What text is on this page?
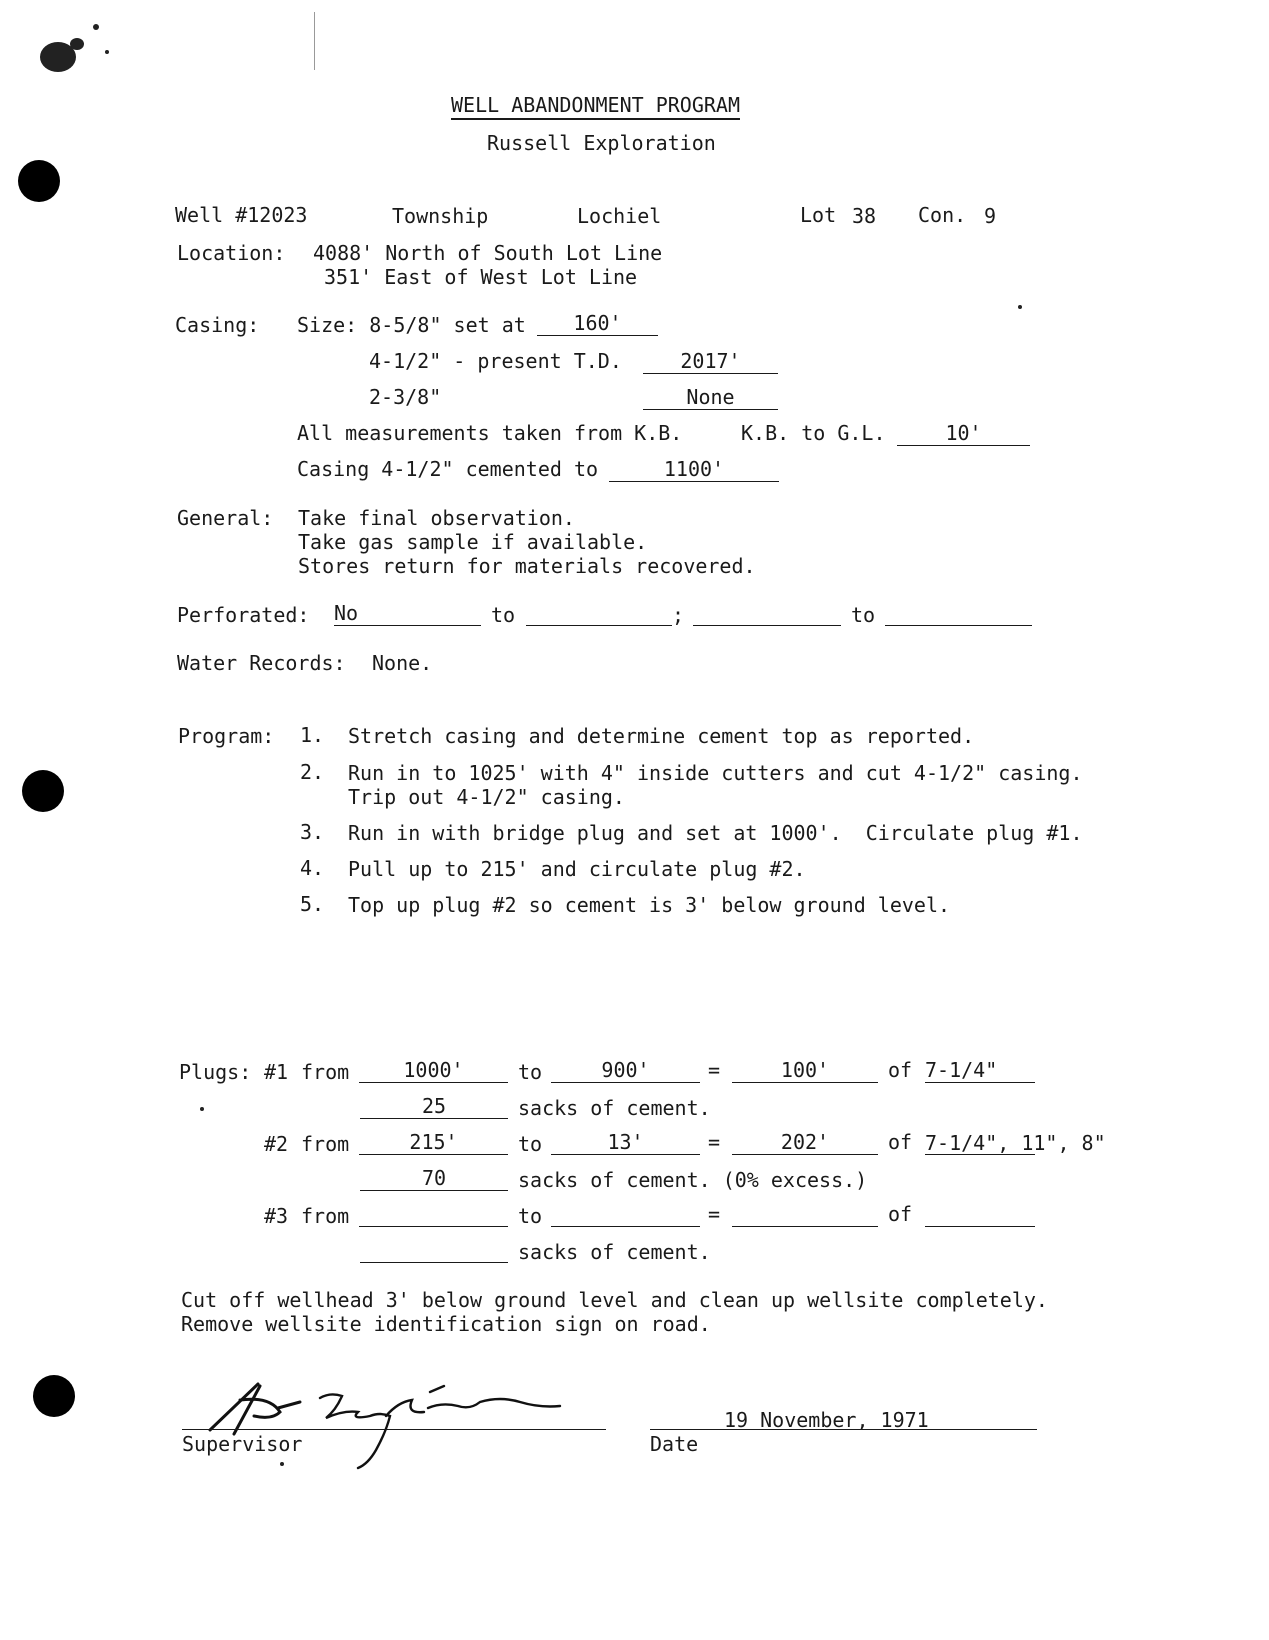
WELL ABANDONMENT PROGRAM
Russell Exploration
Well #12023	Township	Lochiel	Lot 38 Con. 9
Location: 4088' North of South Lot Line
351' East of West Lot Line
Casing: Size: 8-5/8" set at	160'
4-1/2" - present T.D.	2017'
2-3/8"	None
All measurements taken from K.B.	K.B. to G.L.	10'
Casing 4-1/2" cemented to	1100'
General: Take final observation.
Take gas sample if available.
Stores return for materials recovered.
Perforated: No	to	;	to
Water Records: None.
Program: 1. Stretch casing and determine cement top as reported.
2. Run in to 1025' with 4" inside cutters and cut 4-1/2" casing.
Trip out 4-1/2" casing.
3. Run in with bridge plug and set at 1000'.  Circulate plug #1.
4. Pull up to 215' and circulate plug #2.
5. Top up plug #2 so cement is 3' below ground level.
Plugs: #1 from	1000'	to	900'	=	100'	of 7-1/4"
25	sacks of cement.
#2 from	215'	to	13'	=	202'	of 7-1/4", 11", 8"
70	sacks of cement. (0% excess.)
#3 from	to	=	of
sacks of cement.
Cut off wellhead 3' below ground level and clean up wellsite completely.
Remove wellsite identification sign on road.
Supervisor
19 November, 1971
Date
